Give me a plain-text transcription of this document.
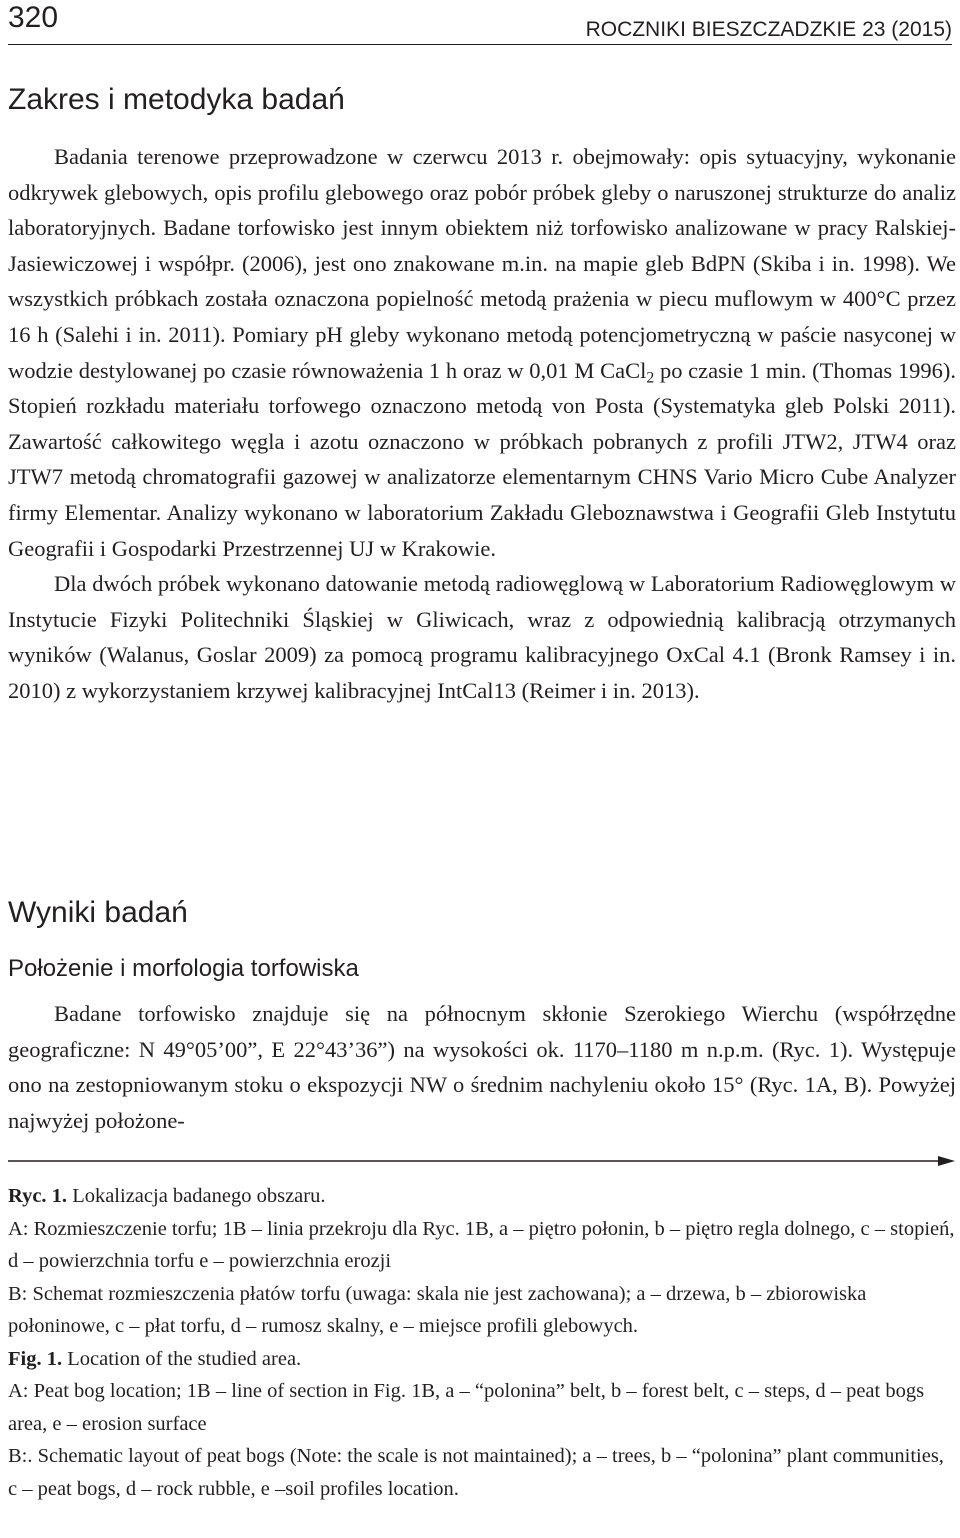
320	ROCZNIKI BIESZCZADZKIE 23 (2015)
Zakres i metodyka badań

Badania terenowe przeprowadzone w czerwcu 2013 r. obejmowały: opis sytuacyjny, wykonanie odkrywek glebowych, opis profilu glebowego oraz pobór próbek gleby o naruszonej strukturze do analiz laboratoryjnych. Badane torfowisko jest innym obiektem niż torfowisko analizowane w pracy Ralskiej-Jasiewiczowej i współpr. (2006), jest ono znakowane m.in. na mapie gleb BdPN (Skiba i in. 1998). We wszystkich próbkach została oznaczona popielność metodą prażenia w piecu muflowym w 400°C przez 16 h (Salehi i in. 2011). Pomiary pH gleby wykonano metodą potencjometryczną w paście nasyconej w wodzie destylowanej po czasie równoważenia 1 h oraz w 0,01 M CaCl$_2$ po czasie 1 min. (Thomas 1996). Stopień rozkładu materiału torfowego oznaczono metodą von Posta (Systematyka gleb Polski 2011). Zawartość całkowitego węgla i azotu oznaczono w próbkach pobranych z profili JTW2, JTW4 oraz JTW7 metodą chromatografii gazowej w analizatorze elementarnym CHNS Vario Micro Cube Analyzer firmy Elementar. Analizy wykonano w laboratorium Zakładu Gleboznawstwa i Geografii Gleb Instytutu Geografii i Gospodarki Przestrzennej UJ w Krakowie.

Dla dwóch próbek wykonano datowanie metodą radiowęglową w Laboratorium Radiowęglowym w Instytucie Fizyki Politechniki Śląskiej w Gliwicach, wraz z odpowiednią kalibracją otrzymanych wyników (Walanus, Goslar 2009) za pomocą programu kalibracyjnego OxCal 4.1 (Bronk Ramsey i in. 2010) z wykorzystaniem krzywej kalibracyjnej IntCal13 (Reimer i in. 2013).

Wyniki badań
Położenie i morfologia torfowiska

Badane torfowisko znajduje się na północnym skłonie Szerokiego Wierchu (współrzędne geograficzne: N 49°05’00”, E 22°43’36”) na wysokości ok. 1170–1180 m n.p.m. (Ryc. 1). Występuje ono na zestopniowanym stoku o ekspozycji NW o średnim nachyleniu około 15° (Ryc. 1A, B). Powyżej najwyżej położone-

Ryc. 1. Lokalizacja badanego obszaru.

A: Rozmieszczenie torfu; 1B – linia przekroju dla Ryc. 1B, a – piętro połonin, b – piętro regla dolnego, c – stopień, d – powierzchnia torfu e – powierzchnia erozji

B: Schemat rozmieszczenia płatów torfu (uwaga: skala nie jest zachowana); a – drzewa, b – zbiorowiska połoninowe, c – płat torfu, d – rumosz skalny, e – miejsce profili glebowych.

Fig. 1. Location of the studied area.

A: Peat bog location; 1B – line of section in Fig. 1B, a – “polonina” belt, b – forest belt, c – steps, d – peat bogs area, e – erosion surface

B:. Schematic layout of peat bogs (Note: the scale is not maintained); a – trees, b – “polonina” plant communities, c – peat bogs, d – rock rubble, e –soil profiles location.
